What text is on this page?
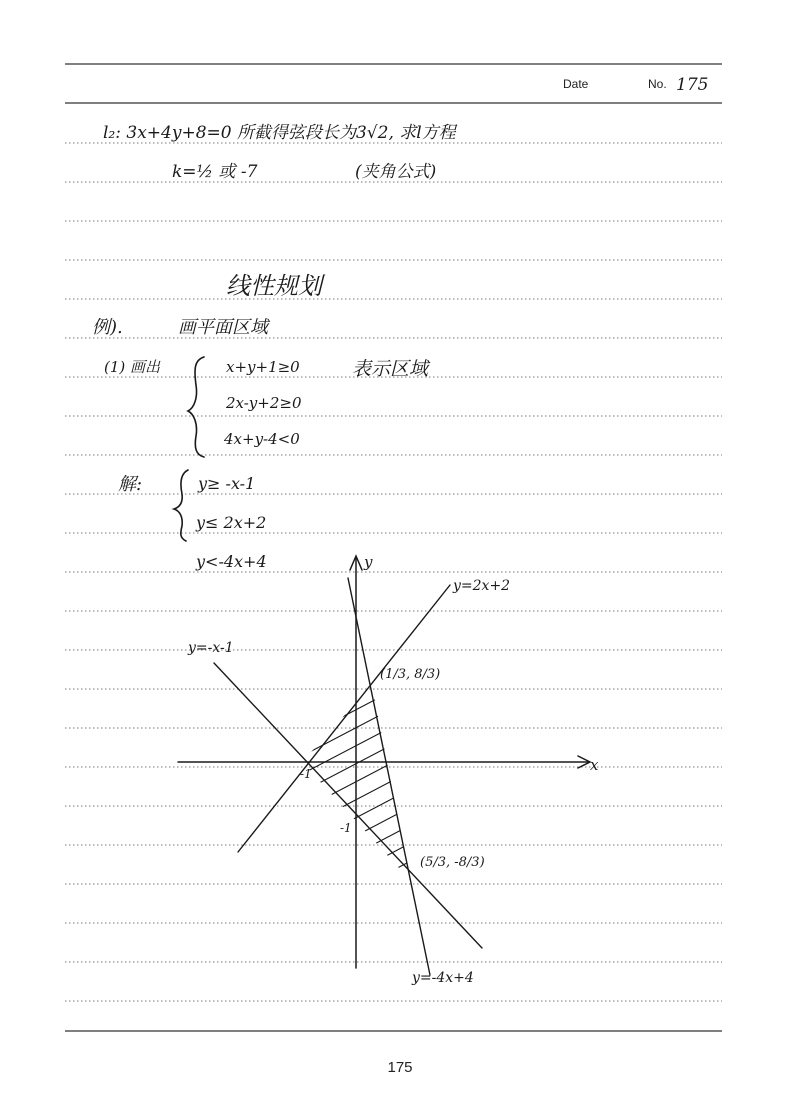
Date	No. 175
l₂: 3x+4y+8=0 所截得弦段长为3√2, 求l方程
k=½ 或 -7	(夹角公式)
线性规划
例).	画平面区域
(1) 画出	x+y+1≥0
2x-y+2≥0
4x+y-4<0
表示区域
解:	y≥ -x-1
y≤ 2x+2
y<-4x+4
x
y
y=2x+2
y=-x-1
y=-4x+4
(1/3, 8/3)
(5/3, -8/3)
-1
-1
175
